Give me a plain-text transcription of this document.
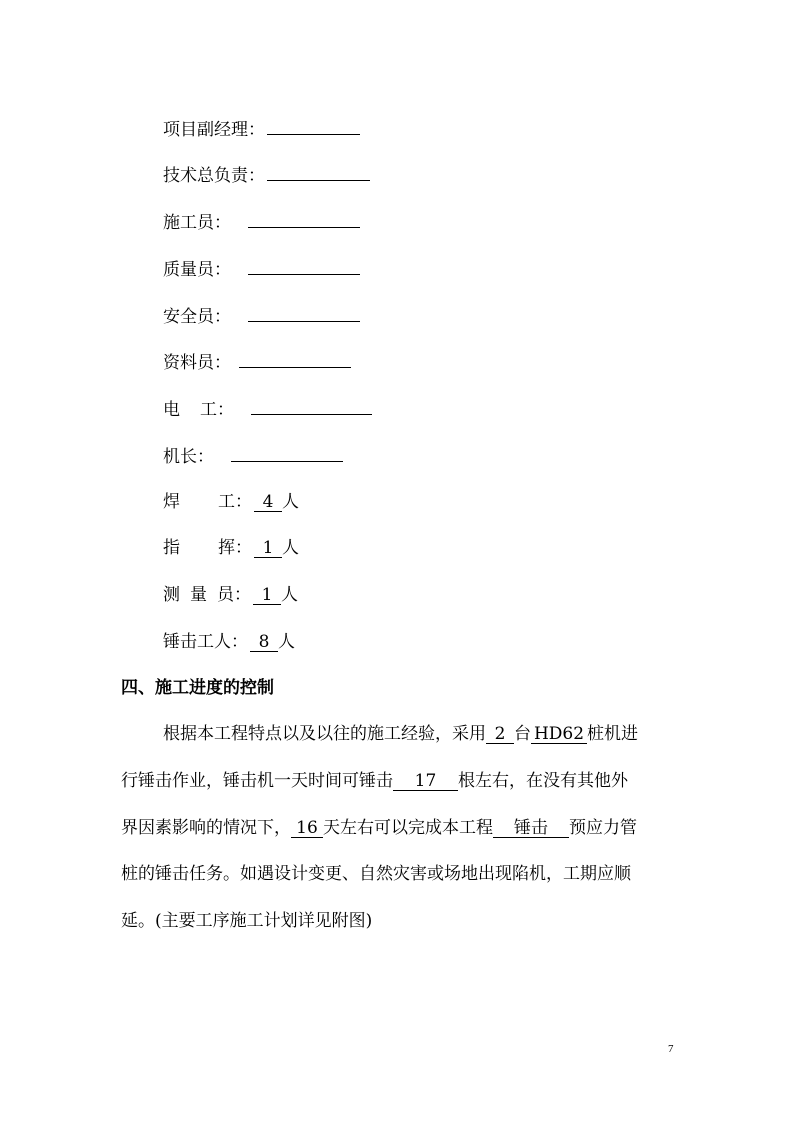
项目副经理：
技术总负责：
施工员：
质量员：
安全员：
资料员：
电 工：
机长：
焊 工： 4 人
指 挥： 1 人
测 量 员： 1 人
锤击工人： 8 人
四、施工进度的控制
根据本工程特点以及以往的施工经验，采用 2 台 HD62 桩机进
行锤击作业，锤击机一天时间可锤击 17 根左右，在没有其他外
界因素影响的情况下， 16 天左右可以完成本工程 锤击 预应力管
桩的锤击任务。如遇设计变更、自然灾害或场地出现陷机，工期应顺
延。(主要工序施工计划详见附图)
7
